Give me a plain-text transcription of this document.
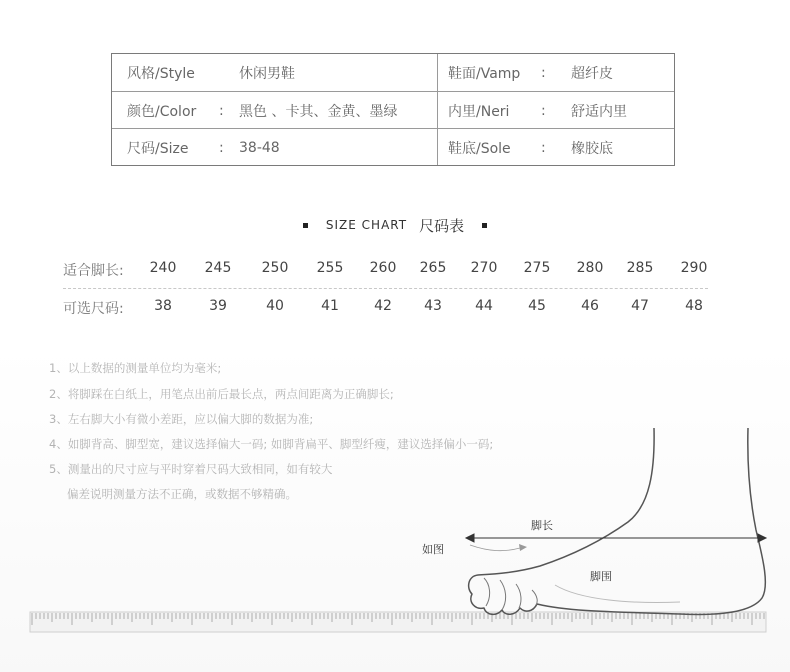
风格/Style	休闲男鞋	鞋面/Vamp : 超纤皮
颜色/Color : 黑色 、卡其、金黄、墨绿	内里/Neri : 舒适内里
尺码/Size : 38-48	鞋底/Sole : 橡胶底
SIZE CHART 尺码表
适合脚长: 240 245 250 255 260 265 270 275 280 285 290
可选尺码: 38	39	40	41	42 43 44	45	46 47	48
脚长
如图
脚围
